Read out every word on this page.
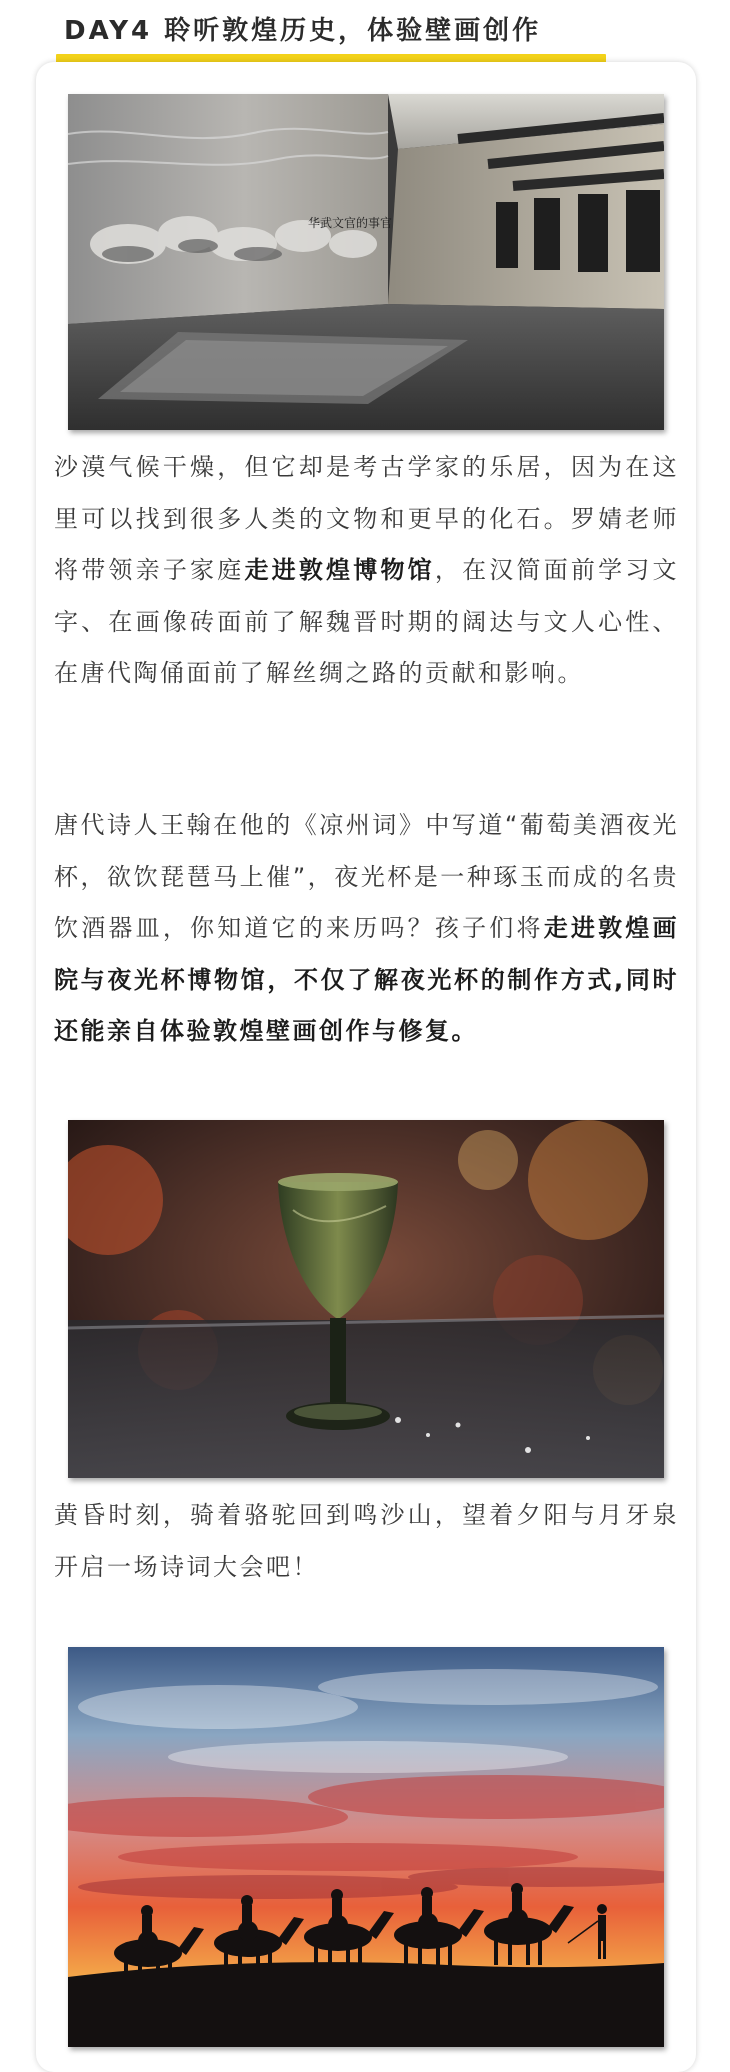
DAY4 聆听敦煌历史，体验壁画创作
华武文官的事官

沙漠气候干燥，但它却是考古学家的乐居，因为在这里可以找到很多人类的文物和更早的化石。罗婧老师将带领亲子家庭走进敦煌博物馆，在汉简面前学习文字、在画像砖面前了解魏晋时期的阔达与文人心性、在唐代陶俑面前了解丝绸之路的贡献和影响。

唐代诗人王翰在他的《凉州词》中写道“葡萄美酒夜光杯，欲饮琵琶马上催”，夜光杯是一种琢玉而成的名贵饮酒器皿，你知道它的来历吗？孩子们将走进敦煌画院与夜光杯博物馆，不仅了解夜光杯的制作方式,同时还能亲自体验敦煌壁画创作与修复。

黄昏时刻，骑着骆驼回到鸣沙山，望着夕阳与月牙泉开启一场诗词大会吧！
